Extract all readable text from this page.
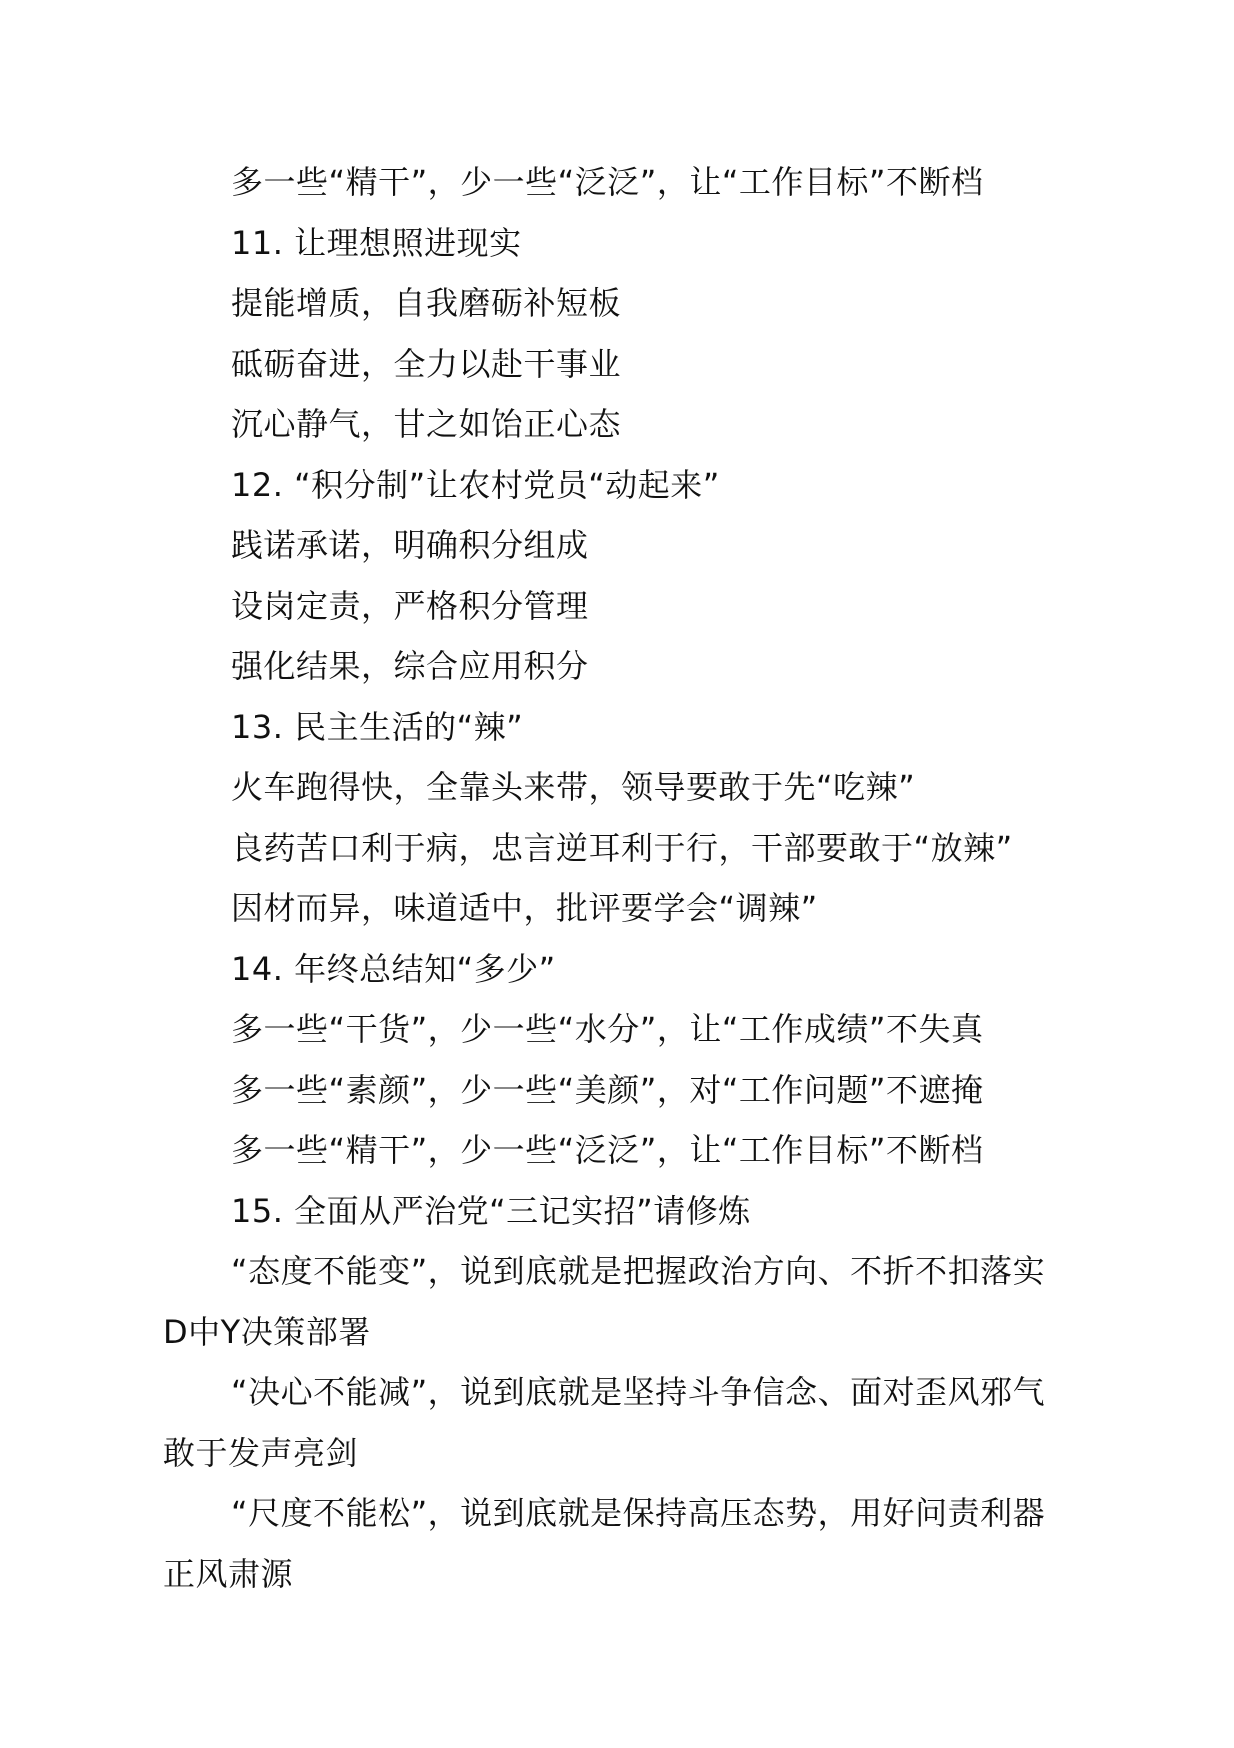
多一些“精干”，少一些“泛泛”，让“工作目标”不断档
11. 让理想照进现实
提能增质，自我磨砺补短板
砥砺奋进，全力以赴干事业
沉心静气，甘之如饴正心态
12. “积分制”让农村党员“动起来”
践诺承诺，明确积分组成
设岗定责，严格积分管理
强化结果，综合应用积分
13. 民主生活的“辣”
火车跑得快，全靠头来带，领导要敢于先“吃辣”
良药苦口利于病，忠言逆耳利于行，干部要敢于“放辣”
因材而异，味道适中，批评要学会“调辣”
14. 年终总结知“多少”
多一些“干货”，少一些“水分”，让“工作成绩”不失真
多一些“素颜”，少一些“美颜”，对“工作问题”不遮掩
多一些“精干”，少一些“泛泛”，让“工作目标”不断档
15. 全面从严治党“三记实招”请修炼
“态度不能变”，说到底就是把握政治方向、不折不扣落实
D中Y决策部署
“决心不能减”，说到底就是坚持斗争信念、面对歪风邪气
敢于发声亮剑
“尺度不能松”，说到底就是保持高压态势，用好问责利器
正风肃源
